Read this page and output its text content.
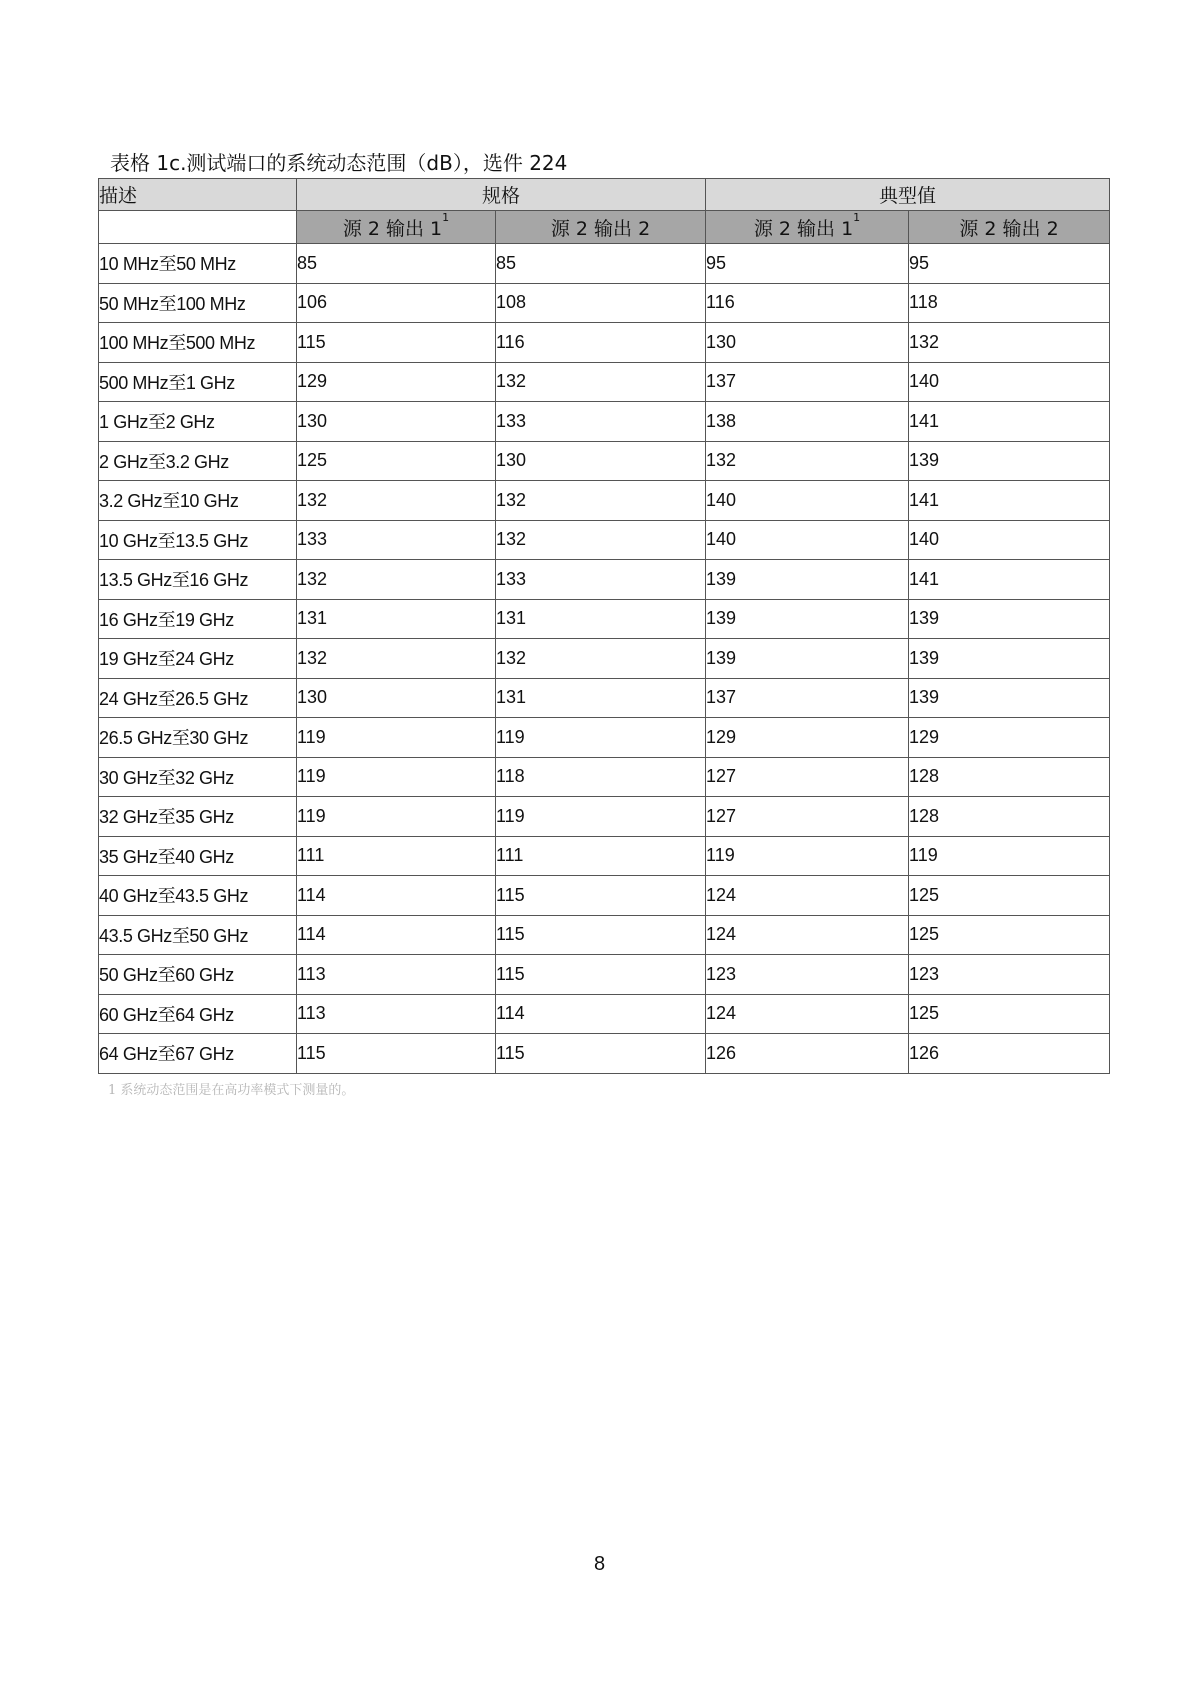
表格 1c.测试端口的系统动态范围（dB），选件 224
描述	规格		典型值	
	源 2 输出 $1^1$	源 2 输出 2	源 2 输出 $1^1$	源 2 输出 2
10 MHz至50 MHz	85	85	95	95
50 MHz至100 MHz	106	108	116	118
100 MHz至500 MHz	115	116	130	132
500 MHz至1 GHz	129	132	137	140
1 GHz至2 GHz	130	133	138	141
2 GHz至3.2 GHz	125	130	132	139
3.2 GHz至10 GHz	132	132	140	141
10 GHz至13.5 GHz	133	132	140	140
13.5 GHz至16 GHz	132	133	139	141
16 GHz至19 GHz	131	131	139	139
19 GHz至24 GHz	132	132	139	139
24 GHz至26.5 GHz	130	131	137	139
26.5 GHz至30 GHz	119	119	129	129
30 GHz至32 GHz	119	118	127	128
32 GHz至35 GHz	119	119	127	128
35 GHz至40 GHz	111	111	119	119
40 GHz至43.5 GHz	114	115	124	125
43.5 GHz至50 GHz	114	115	124	125
50 GHz至60 GHz	113	115	123	123
60 GHz至64 GHz	113	114	124	125
64 GHz至67 GHz	115	115	126	126
1 系统动态范围是在高功率模式下测量的。
8
